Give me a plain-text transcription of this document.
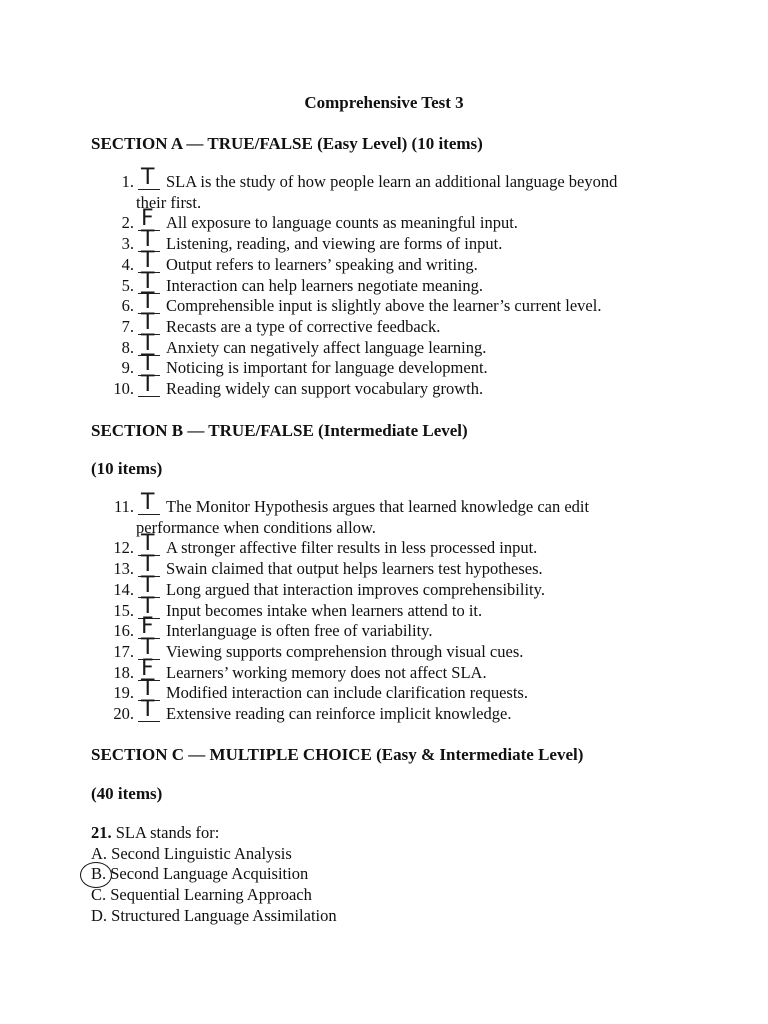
Comprehensive Test 3
SECTION A — TRUE/FALSE (Easy Level) (10 items)
1. T SLA is the study of how people learn an additional language beyond
their first.
2. F All exposure to language counts as meaningful input.
3. T Listening, reading, and viewing are forms of input.
4. T Output refers to learners’ speaking and writing.
5. T Interaction can help learners negotiate meaning.
6. T Comprehensible input is slightly above the learner’s current level.
7. T Recasts are a type of corrective feedback.
8. T Anxiety can negatively affect language learning.
9. T Noticing is important for language development.
10. T Reading widely can support vocabulary growth.
SECTION B — TRUE/FALSE (Intermediate Level)
(10 items)
11. T The Monitor Hypothesis argues that learned knowledge can edit
performance when conditions allow.
12. T A stronger affective filter results in less processed input.
13. T Swain claimed that output helps learners test hypotheses.
14. T Long argued that interaction improves comprehensibility.
15. T Input becomes intake when learners attend to it.
16. F Interlanguage is often free of variability.
17. T Viewing supports comprehension through visual cues.
18. F Learners’ working memory does not affect SLA.
19. T Modified interaction can include clarification requests.
20. T Extensive reading can reinforce implicit knowledge.
SECTION C — MULTIPLE CHOICE (Easy & Intermediate Level)
(40 items)
21. SLA stands for:
A. Second Linguistic Analysis
B. Second Language Acquisition
C. Sequential Learning Approach
D. Structured Language Assimilation
